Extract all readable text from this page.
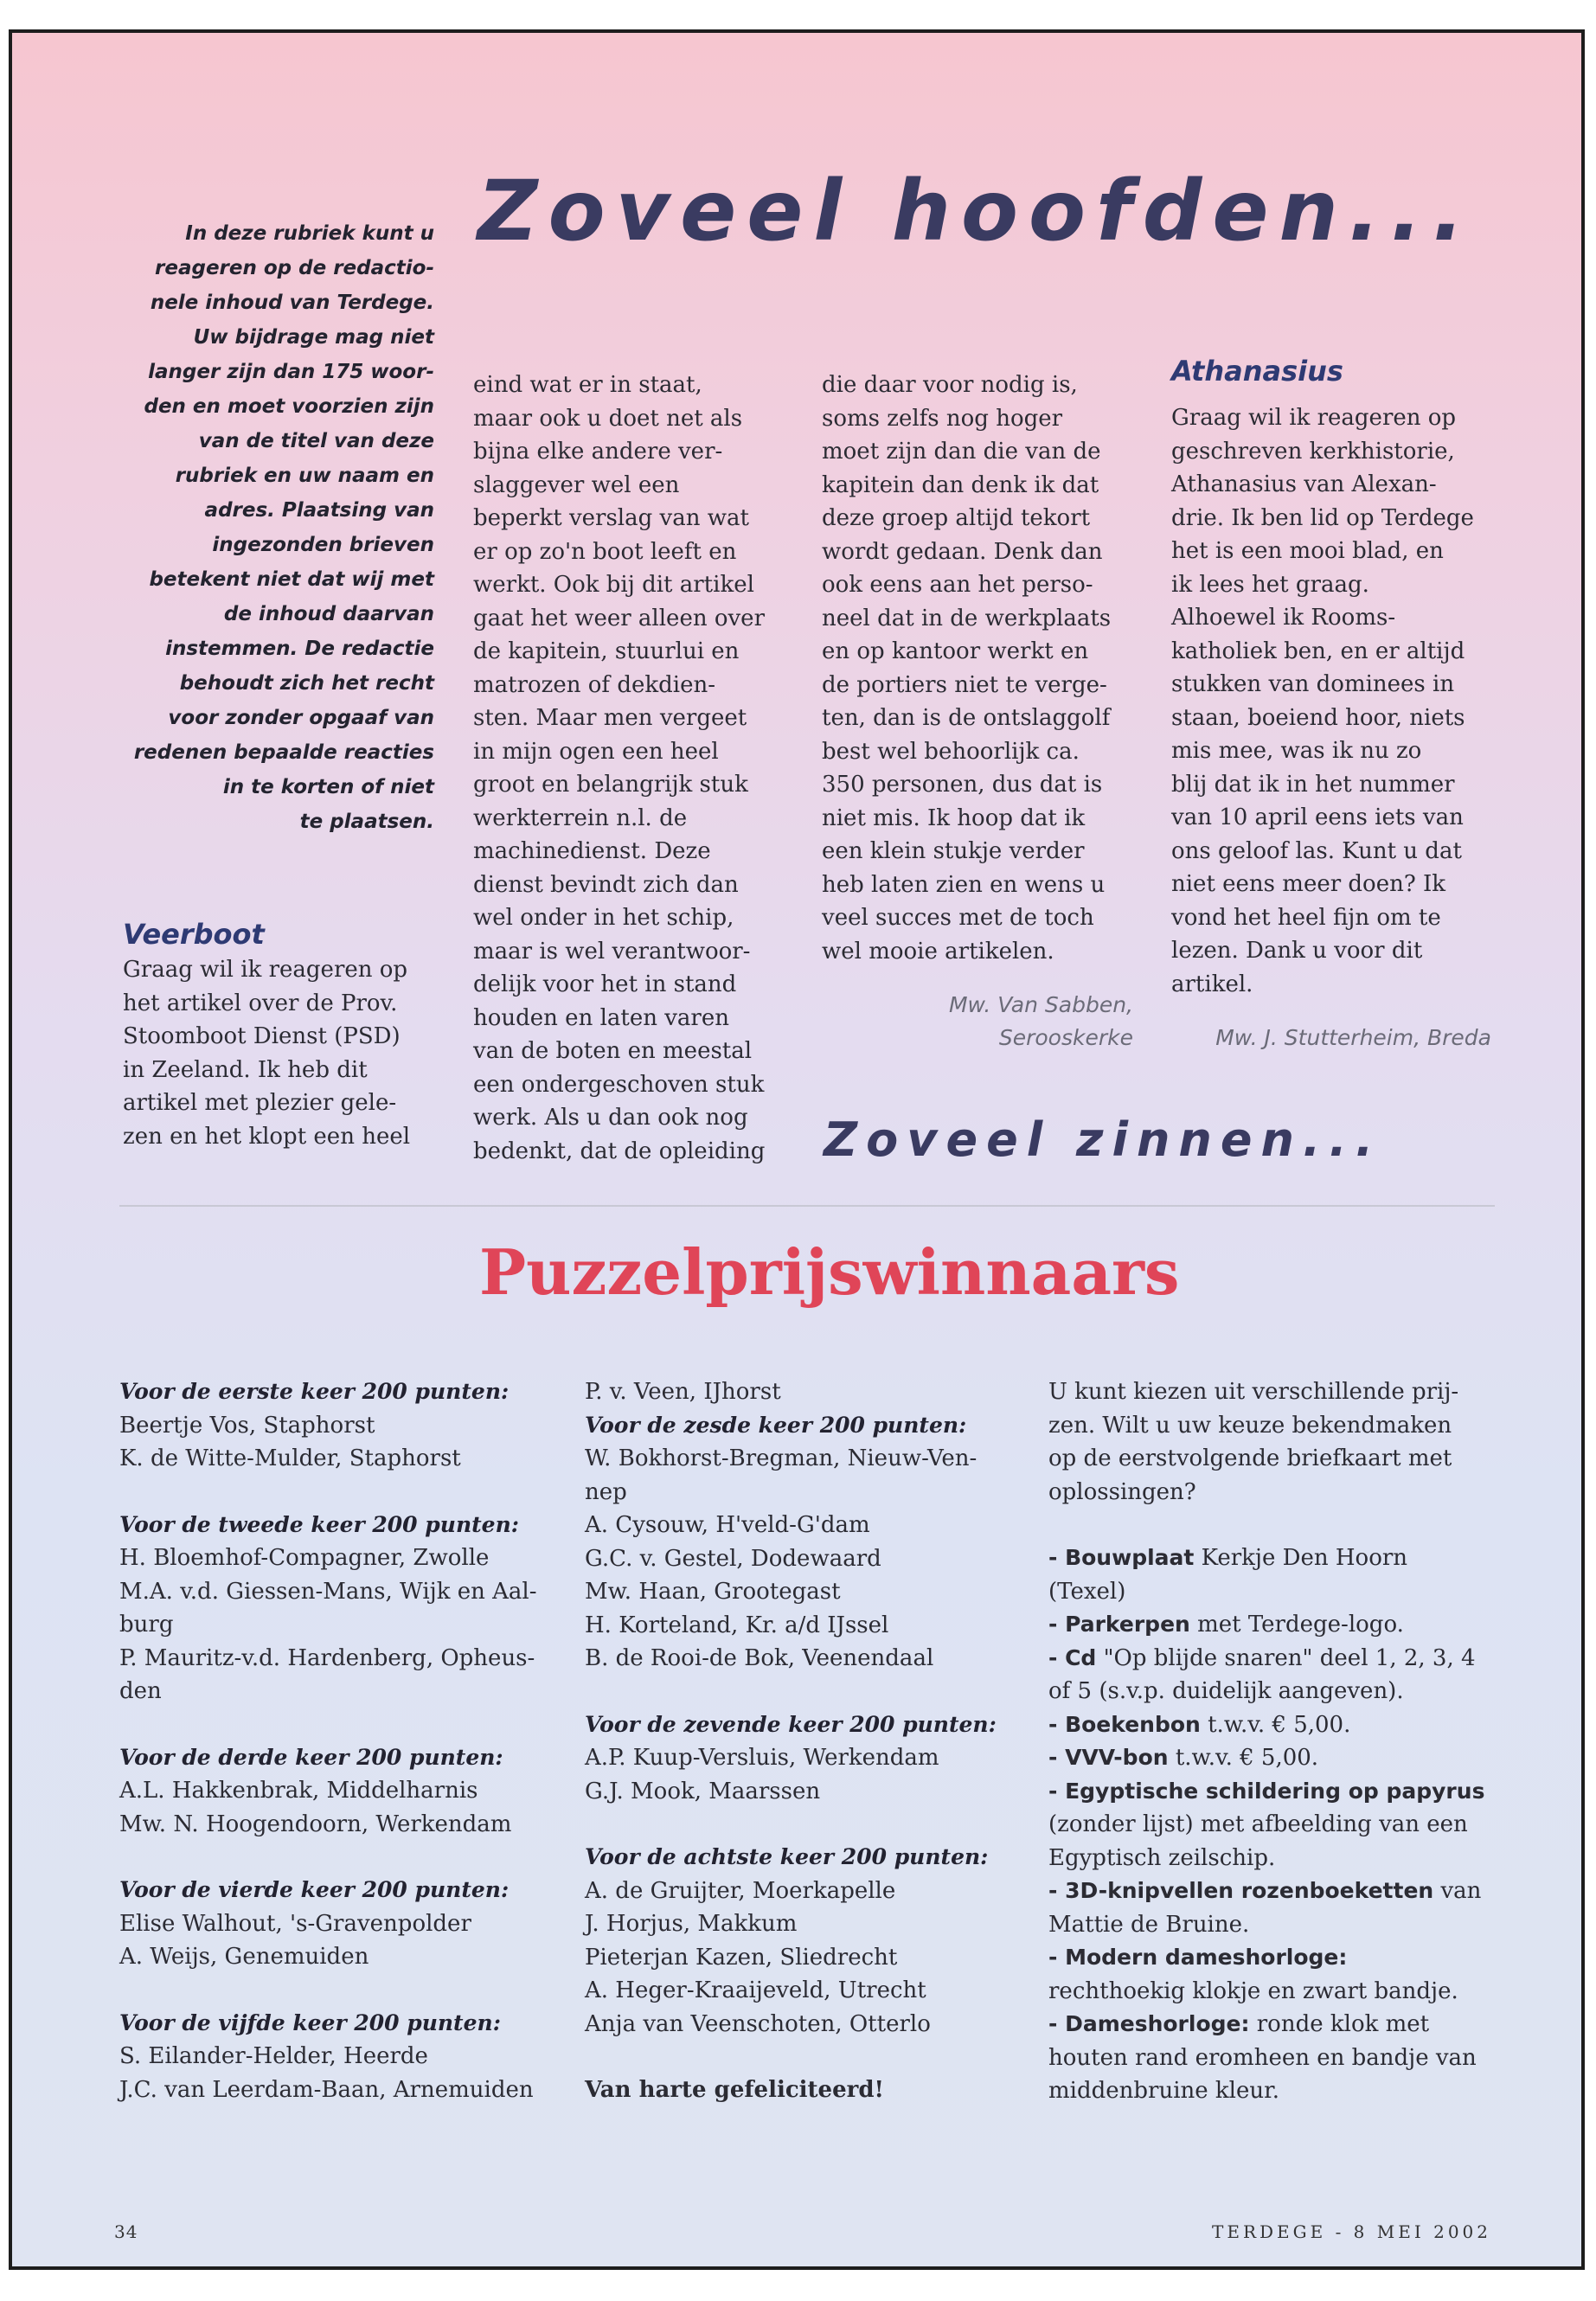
Zoveel hoofden...
In deze rubriek kunt u
reageren op de redactio-
nele inhoud van Terdege.
Uw bijdrage mag niet
langer zijn dan 175 woor-
den en moet voorzien zijn
van de titel van deze
rubriek en uw naam en
adres. Plaatsing van
ingezonden brieven
betekent niet dat wij met
de inhoud daarvan
instemmen. De redactie
behoudt zich het recht
voor zonder opgaaf van
redenen bepaalde reacties
in te korten of niet
te plaatsen.
Veerboot
Graag wil ik reageren op
het artikel over de Prov.
Stoomboot Dienst (PSD)
in Zeeland. Ik heb dit
artikel met plezier gele-
zen en het klopt een heel
eind wat er in staat,
maar ook u doet net als
bijna elke andere ver-
slaggever wel een
beperkt verslag van wat
er op zo'n boot leeft en
werkt. Ook bij dit artikel
gaat het weer alleen over
de kapitein, stuurlui en
matrozen of dekdien-
sten. Maar men vergeet
in mijn ogen een heel
groot en belangrijk stuk
werkterrein n.l. de
machinedienst. Deze
dienst bevindt zich dan
wel onder in het schip,
maar is wel verantwoor-
delijk voor het in stand
houden en laten varen
van de boten en meestal
een ondergeschoven stuk
werk. Als u dan ook nog
bedenkt, dat de opleiding
die daar voor nodig is,
soms zelfs nog hoger
moet zijn dan die van de
kapitein dan denk ik dat
deze groep altijd tekort
wordt gedaan. Denk dan
ook eens aan het perso-
neel dat in de werkplaats
en op kantoor werkt en
de portiers niet te verge-
ten, dan is de ontslaggolf
best wel behoorlijk ca.
350 personen, dus dat is
niet mis. Ik hoop dat ik
een klein stukje verder
heb laten zien en wens u
veel succes met de toch
wel mooie artikelen.
Mw. Van Sabben,
Serooskerke
Athanasius
Graag wil ik reageren op
geschreven kerkhistorie,
Athanasius van Alexan-
drie. Ik ben lid op Terdege
het is een mooi blad, en
ik lees het graag.
Alhoewel ik Rooms-
katholiek ben, en er altijd
stukken van dominees in
staan, boeiend hoor, niets
mis mee, was ik nu zo
blij dat ik in het nummer
van 10 april eens iets van
ons geloof las. Kunt u dat
niet eens meer doen? Ik
vond het heel fijn om te
lezen. Dank u voor dit
artikel.
Mw. J. Stutterheim, Breda
Zoveel zinnen...
Puzzelprijswinnaars
Voor de eerste keer 200 punten:
Beertje Vos, Staphorst
K. de Witte-Mulder, Staphorst
Voor de tweede keer 200 punten:
H. Bloemhof-Compagner, Zwolle
M.A. v.d. Giessen-Mans, Wijk en Aal-
burg
P. Mauritz-v.d. Hardenberg, Opheus-
den
Voor de derde keer 200 punten:
A.L. Hakkenbrak, Middelharnis
Mw. N. Hoogendoorn, Werkendam
Voor de vierde keer 200 punten:
Elise Walhout, 's-Gravenpolder
A. Weijs, Genemuiden
Voor de vijfde keer 200 punten:
S. Eilander-Helder, Heerde
J.C. van Leerdam-Baan, Arnemuiden
P. v. Veen, IJhorst
Voor de zesde keer 200 punten:
W. Bokhorst-Bregman, Nieuw-Ven-
nep
A. Cysouw, H'veld-G'dam
G.C. v. Gestel, Dodewaard
Mw. Haan, Grootegast
H. Korteland, Kr. a/d IJssel
B. de Rooi-de Bok, Veenendaal
Voor de zevende keer 200 punten:
A.P. Kuup-Versluis, Werkendam
G.J. Mook, Maarssen
Voor de achtste keer 200 punten:
A. de Gruijter, Moerkapelle
J. Horjus, Makkum
Pieterjan Kazen, Sliedrecht
A. Heger-Kraaijeveld, Utrecht
Anja van Veenschoten, Otterlo
Van harte gefeliciteerd!
U kunt kiezen uit verschillende prij-
zen. Wilt u uw keuze bekendmaken
op de eerstvolgende briefkaart met
oplossingen?
- Bouwplaat Kerkje Den Hoorn (Texel)
- Parkerpen met Terdege-logo.
- Cd "Op blijde snaren" deel 1, 2, 3, 4 of 5 (s.v.p. duidelijk aangeven).
- Boekenbon t.w.v. € 5,00.
- VVV-bon t.w.v. € 5,00.
- Egyptische schildering op papyrus (zonder lijst) met afbeelding van een Egyptisch zeilschip.
- 3D-knipvellen rozenboeketten van Mattie de Bruine.
- Modern dameshorloge: rechthoekig klokje en zwart bandje.
- Dameshorloge: ronde klok met houten rand eromheen en bandje van middenbruine kleur.
34	TERDEGE - 8 MEI 2002
